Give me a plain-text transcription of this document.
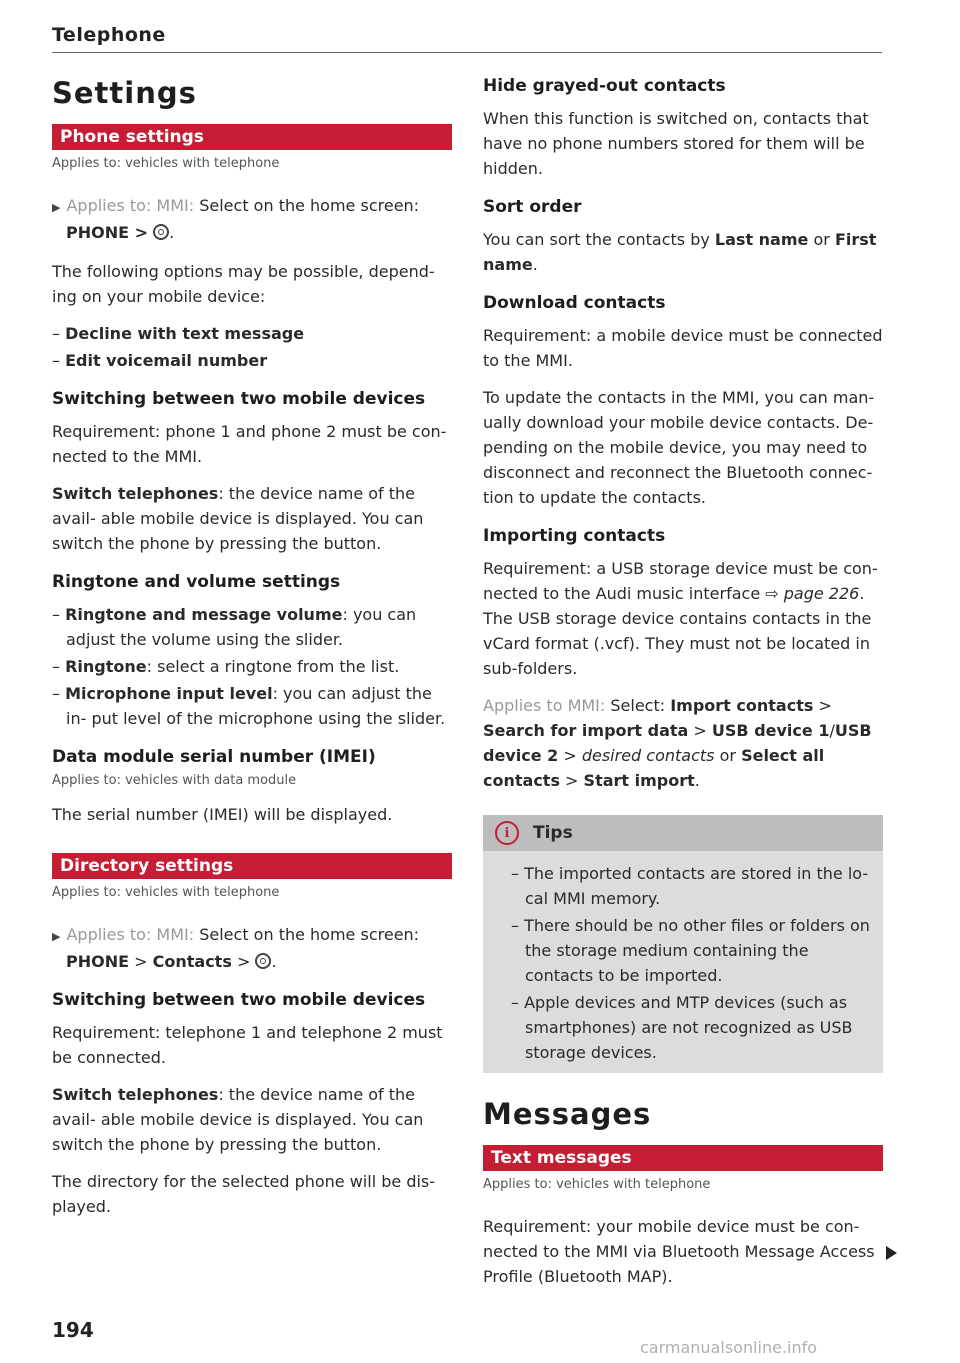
Telephone
Settings
Phone settings
Applies to: vehicles with telephone

▶ Applies to: MMI: Select on the home screen:
PHONE > .

The following options may be possible, depend- ing on your mobile device:

– Decline with text message
– Edit voicemail number
Switching between two mobile devices

Requirement: phone 1 and phone 2 must be con- nected to the MMI.

Switch telephones: the device name of the avail- able mobile device is displayed. You can switch the phone by pressing the button.

Ringtone and volume settings
– Ringtone and message volume: you can adjust the volume using the slider.
– Ringtone: select a ringtone from the list.
– Microphone input level: you can adjust the in- put level of the microphone using the slider.
Data module serial number (IMEI)
Applies to: vehicles with data module

The serial number (IMEI) will be displayed.

Directory settings
Applies to: vehicles with telephone

▶ Applies to: MMI: Select on the home screen:
PHONE > Contacts > .

Switching between two mobile devices

Requirement: telephone 1 and telephone 2 must be connected.

Switch telephones: the device name of the avail- able mobile device is displayed. You can switch the phone by pressing the button.

The directory for the selected phone will be dis- played.

Hide grayed-out contacts

When this function is switched on, contacts that have no phone numbers stored for them will be hidden.

Sort order

You can sort the contacts by Last name or First name.

Download contacts

Requirement: a mobile device must be connected to the MMI.

To update the contacts in the MMI, you can man- ually download your mobile device contacts. De- pending on the mobile device, you may need to disconnect and reconnect the Bluetooth connec- tion to update the contacts.

Importing contacts

Requirement: a USB storage device must be con- nected to the Audi music interface ⇨ page 226. The USB storage device contains contacts in the vCard format (.vcf). They must not be located in sub-folders.

Applies to MMI: Select: Import contacts > Search for import data > USB device 1/USB device 2 > desired contacts or Select all contacts > Start import.

i	Tips
– The imported contacts are stored in the lo- cal MMI memory.
– There should be no other files or folders on the storage medium containing the contacts to be imported.
– Apple devices and MTP devices (such as smartphones) are not recognized as USB storage devices.
Messages
Text messages
Applies to: vehicles with telephone

Requirement: your mobile device must be con- nected to the MMI via Bluetooth Message Access Profile (Bluetooth MAP).

194
carmanualsonline.info
